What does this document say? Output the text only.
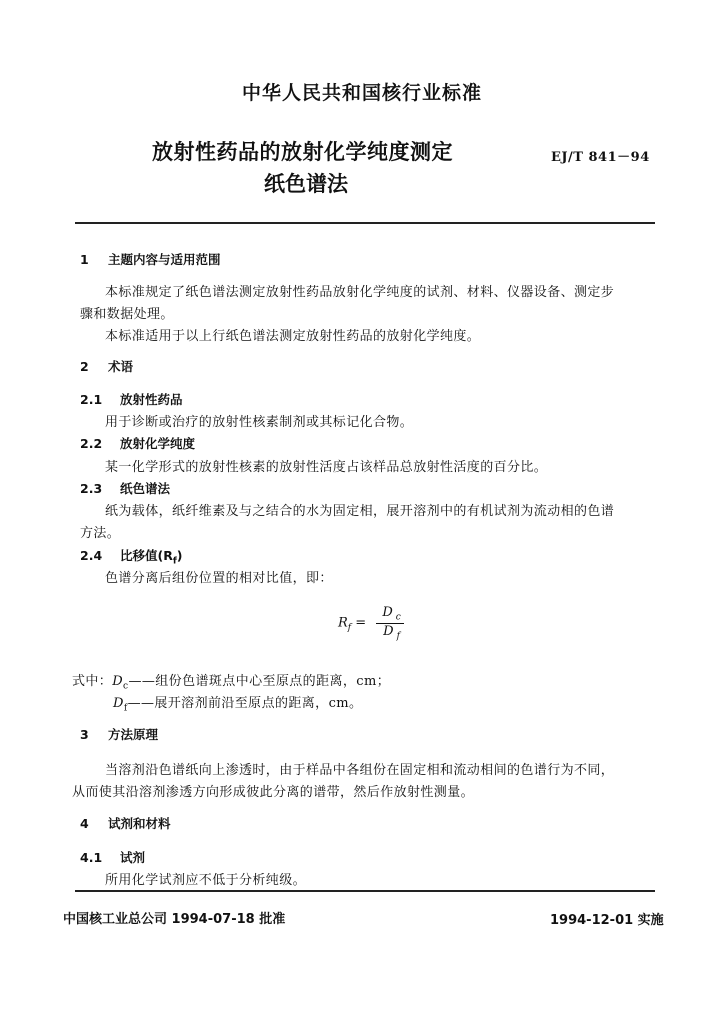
中华人民共和国核行业标准
放射性药品的放射化学纯度测定
纸色谱法
EJ/T 841－94
1 主题内容与适用范围
本标准规定了纸色谱法测定放射性药品放射化学纯度的试剂、材料、仪器设备、测定步
骤和数据处理。
本标准适用于以上行纸色谱法测定放射性药品的放射化学纯度。
2 术语
2.1 放射性药品
用于诊断或治疗的放射性核素制剂或其标记化合物。
2.2 放射化学纯度
某一化学形式的放射性核素的放射性活度占该样品总放射性活度的百分比。
2.3 纸色谱法
纸为载体，纸纤维素及与之结合的水为固定相，展开溶剂中的有机试剂为流动相的色谱
方法。
2.4 比移值$(R_f)$
色谱分离后组份位置的相对比值，即：
$R_f = \frac{D _c}{D _f}$
式中：$D_c——$组份色谱斑点中心至原点的距离，cm；
$D_f——$展开溶剂前沿至原点的距离，cm。
3 方法原理
当溶剂沿色谱纸向上渗透时，由于样品中各组份在固定相和流动相间的色谱行为不同，
从而使其沿溶剂渗透方向形成彼此分离的谱带，然后作放射性测量。
4 试剂和材料
4.1 试剂
所用化学试剂应不低于分析纯级。
中国核工业总公司 1994-07-18 批准	1994-12-01 实施
